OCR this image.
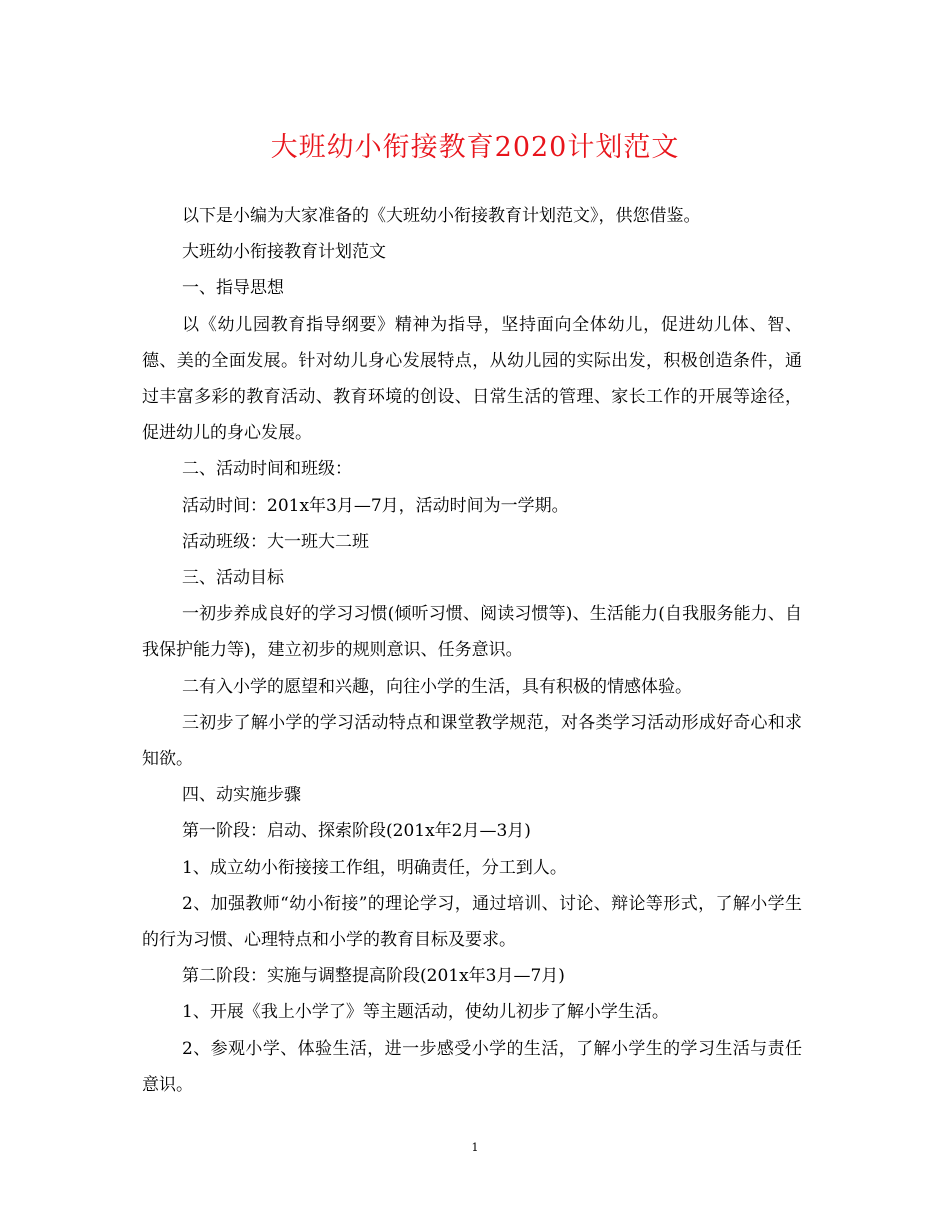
大班幼小衔接教育2020计划范文

以下是小编为大家准备的《大班幼小衔接教育计划范文》，供您借鉴。

大班幼小衔接教育计划范文

一、指导思想

以《幼儿园教育指导纲要》精神为指导，坚持面向全体幼儿，促进幼儿体、智、德、美的全面发展。针对幼儿身心发展特点，从幼儿园的实际出发，积极创造条件，通过丰富多彩的教育活动、教育环境的创设、日常生活的管理、家长工作的开展等途径，促进幼儿的身心发展。

二、活动时间和班级：

活动时间：201x年3月—7月，活动时间为一学期。

活动班级：大一班大二班

三、活动目标

一初步养成良好的学习习惯(倾听习惯、阅读习惯等)、生活能力(自我服务能力、自我保护能力等)，建立初步的规则意识、任务意识。

二有入小学的愿望和兴趣，向往小学的生活，具有积极的情感体验。

三初步了解小学的学习活动特点和课堂教学规范，对各类学习活动形成好奇心和求知欲。

四、动实施步骤

第一阶段：启动、探索阶段(201x年2月—3月)

1、成立幼小衔接接工作组，明确责任，分工到人。

2、加强教师“幼小衔接”的理论学习，通过培训、讨论、辩论等形式，了解小学生的行为习惯、心理特点和小学的教育目标及要求。

第二阶段：实施与调整提高阶段(201x年3月—7月)

1、开展《我上小学了》等主题活动，使幼儿初步了解小学生活。

2、参观小学、体验生活，进一步感受小学的生活，了解小学生的学习生活与责任意识。

1
